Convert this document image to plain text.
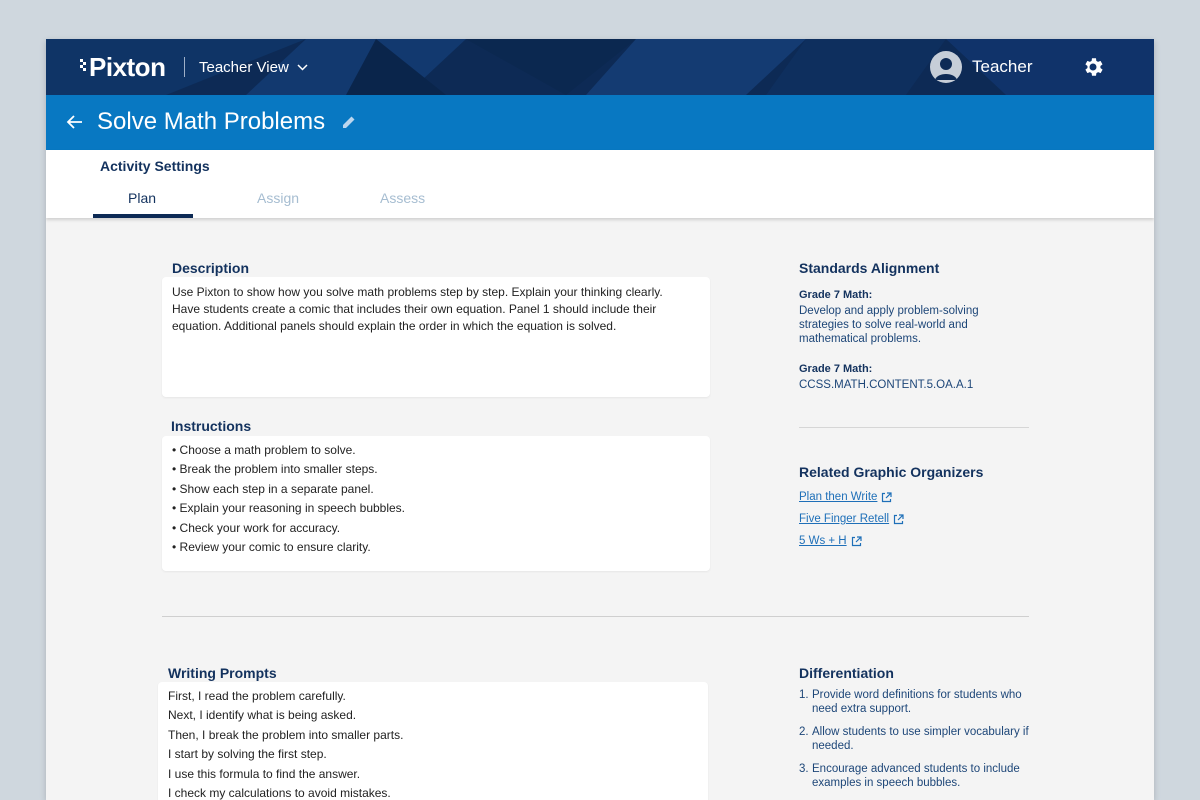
Pixton Teacher View	Teacher
Solve Math Problems
Activity Settings
Plan	Assign	Assess
Description

Use Pixton to show how you solve math problems step by step. Explain your thinking clearly. Have students create a comic that includes their own equation. Panel 1 should include their equation. Additional panels should explain the order in which the equation is solved.

Instructions
• Choose a math problem to solve.
• Break the problem into smaller steps.
• Show each step in a separate panel.
• Explain your reasoning in speech bubbles.
• Check your work for accuracy.
• Review your comic to ensure clarity.
Standards Alignment
Grade 7 Math:
Develop and apply problem-solving strategies to solve real-world and mathematical problems.
Grade 7 Math:
CCSS.MATH.CONTENT.5.OA.A.1
Related Graphic Organizers
Plan then Write
Five Finger Retell
5 Ws + H
Writing Prompts
First, I read the problem carefully.
Next, I identify what is being asked.
Then, I break the problem into smaller parts.
I start by solving the first step.
I use this formula to find the answer.
I check my calculations to avoid mistakes.
Differentiation
1. Provide word definitions for students who need extra support.
2. Allow students to use simpler vocabulary if needed.
3. Encourage advanced students to include examples in speech bubbles.
